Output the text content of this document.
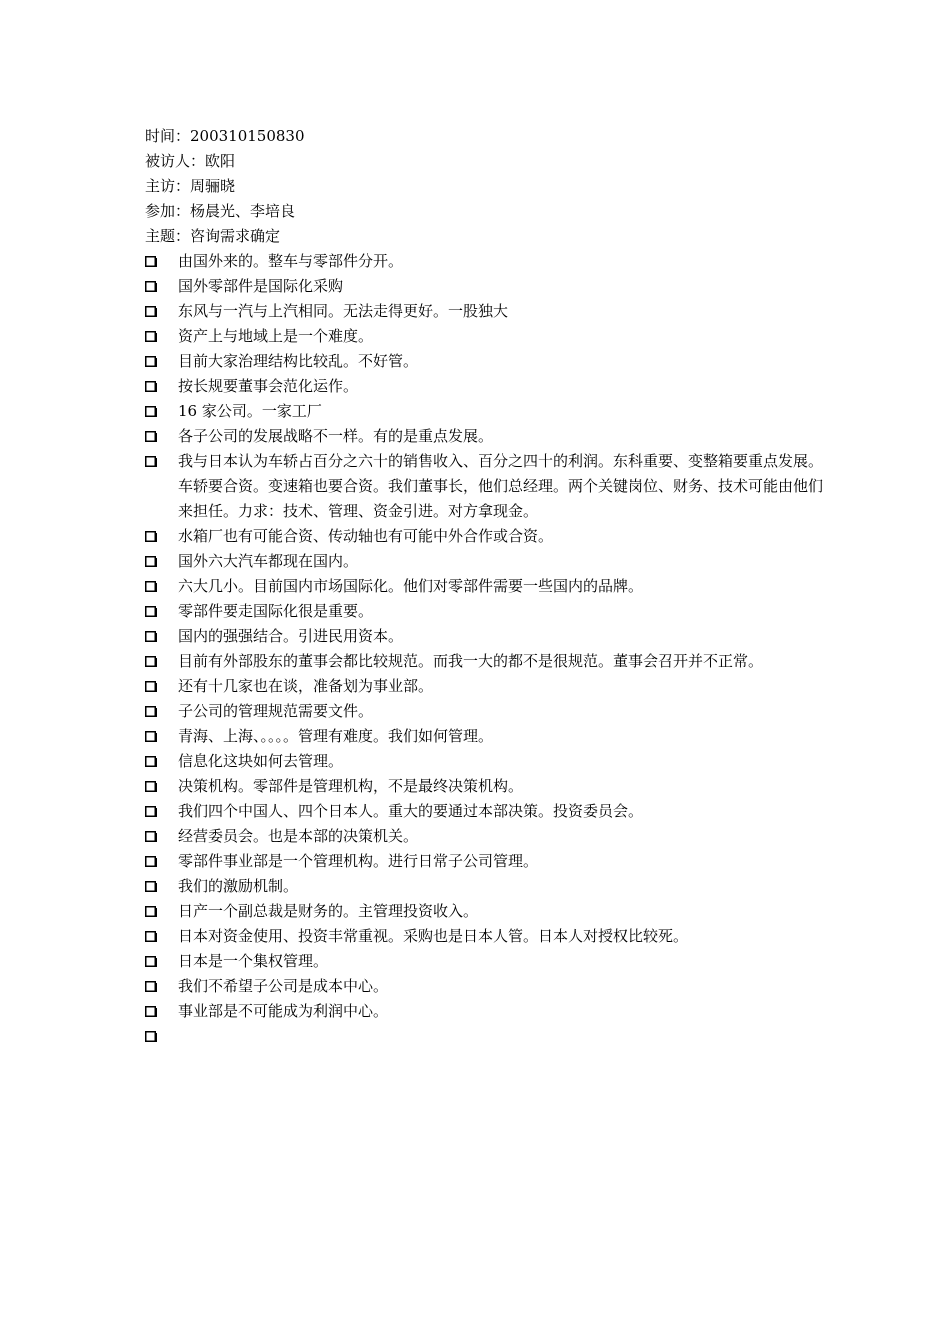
时间：200310150830
被访人：欧阳
主访：周骊晓
参加：杨晨光、李培良
主题：咨询需求确定
由国外来的。整车与零部件分开。
国外零部件是国际化采购
东风与一汽与上汽相同。无法走得更好。一股独大
资产上与地域上是一个难度。
目前大家治理结构比较乱。不好管。
按长规要董事会范化运作。
16 家公司。一家工厂
各子公司的发展战略不一样。有的是重点发展。
我与日本认为车轿占百分之六十的销售收入、百分之四十的利润。东科重要、变整箱要重点发展。车轿要合资。变速箱也要合资。我们董事长，他们总经理。两个关键岗位、财务、技术可能由他们来担任。力求：技术、管理、资金引进。对方拿现金。
水箱厂也有可能合资、传动轴也有可能中外合作或合资。
国外六大汽车都现在国内。
六大几小。目前国内市场国际化。他们对零部件需要一些国内的品牌。
零部件要走国际化很是重要。
国内的强强结合。引进民用资本。
目前有外部股东的董事会都比较规范。而我一大的都不是很规范。董事会召开并不正常。
还有十几家也在谈，准备划为事业部。
子公司的管理规范需要文件。
青海、上海、。。。。管理有难度。我们如何管理。
信息化这块如何去管理。
决策机构。零部件是管理机构，不是最终决策机构。
我们四个中国人、四个日本人。重大的要通过本部决策。投资委员会。
经营委员会。也是本部的决策机关。
零部件事业部是一个管理机构。进行日常子公司管理。
我们的激励机制。
日产一个副总裁是财务的。主管理投资收入。
日本对资金使用、投资丰常重视。采购也是日本人管。日本人对授权比较死。
日本是一个集权管理。
我们不希望子公司是成本中心。
事业部是不可能成为利润中心。
